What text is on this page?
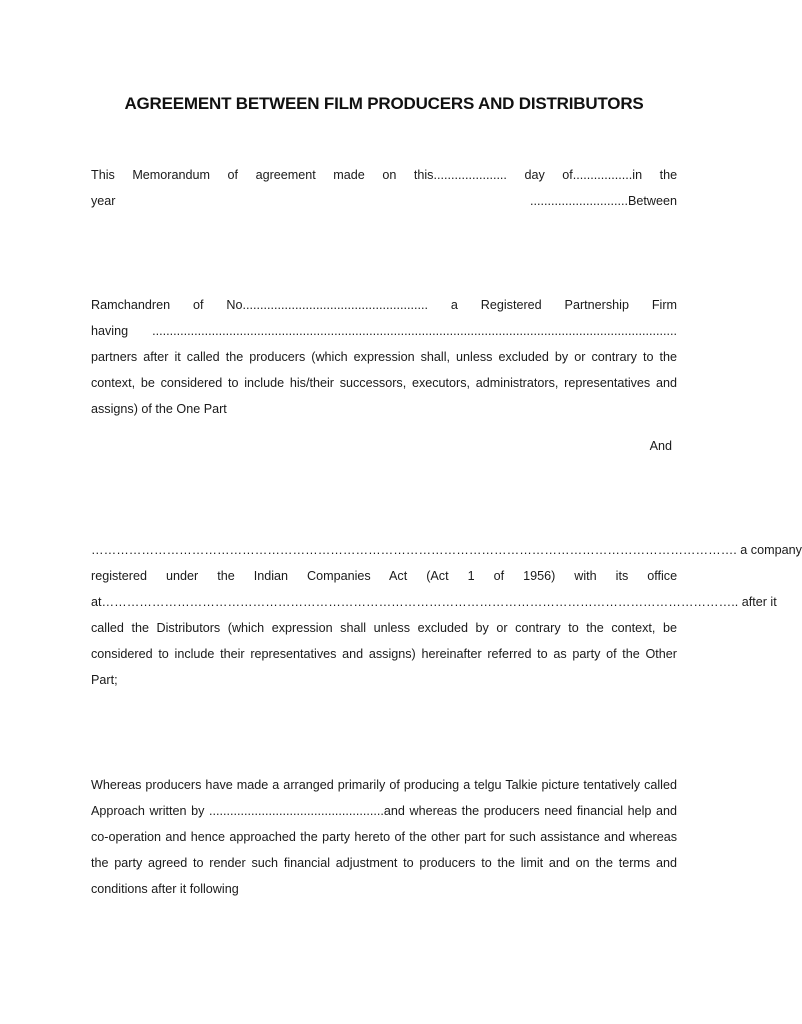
AGREEMENT BETWEEN FILM PRODUCERS AND DISTRIBUTORS
This Memorandum of agreement made on this..................... day of.................in the
year	............................Between
Ramchandren of No..................................................... a Registered Partnership Firm
having ......................................................................................................................................................
partners after it called the producers (which expression shall, unless excluded by or contrary to the
context, be considered to include his/their successors, executors, administrators, representatives and
assigns) of the One Part
And
………………………………………………………………………………………………………………………………………. a company
registered under the Indian Companies Act (Act 1 of 1956) with its office
at…………………………………………………………………………………………………………………………………….. after it
called the Distributors (which expression shall unless excluded by or contrary to the context, be
considered to include their representatives and assigns) hereinafter referred to as party of the Other
Part;
Whereas producers have made a arranged primarily of producing a telgu Talkie picture tentatively called
Approach written by ..................................................and whereas the producers need financial help and
co-operation and hence approached the party hereto of the other part for such assistance and whereas
the party agreed to render such financial adjustment to producers to the limit and on the terms and
conditions after it following
